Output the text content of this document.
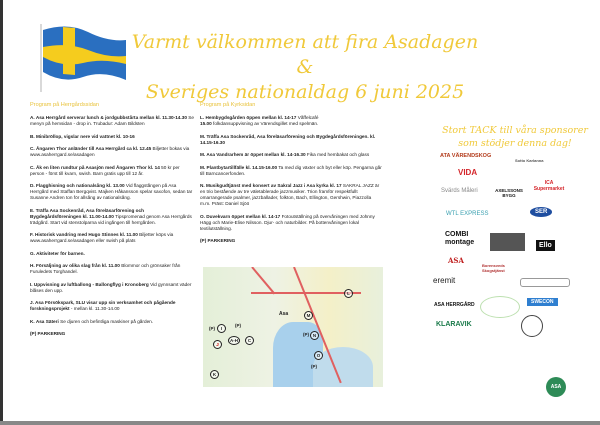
Varmt välkommen att fira Asadagen &
Sveriges nationaldag 6 juni 2025
Program på Herrgårdssidan
A. Asa Herrgård serverar lunch & jordgubbstårta mellan kl. 11.30-14.30 Se menyn på hemsidan - drop in. Trubadur: Adam Bildsten
B. Minibröllop, vigslar nere vid vattnet kl. 10-16
C. Ångaren Thor anländer till Asa Herrgård ca kl. 12.45 Biljetter bokas via www.asaherrgard.se/asadagen
C. Åk en liten rundtur på Asasjön med Ångaren Thor kl. 14 50 kr per person - först till kvarn, swish. Barn gratis upp till 12 år.
D. Flagghisning och nationalsång kl. 13.00 Vid flaggstången på Asa Herrgård med Staffan Bergqvist. Majken Håkansson spelar saxofon, sedan tar Susanne Andren ton för allsång av nationalsång.
E. Träffa Asa Sockenråd, Asa föreläsarförening och Bygdegårdsföreningen kl. 11.00-14.00 Tipspromenad genom Asa Herrgårds trädgård. Start vid stenstolparna vid ingången till herrgården.
F. Historisk vandring med Hugo Stinnes kl. 11.00 Biljetter köps via www.asaherrgard.se/asadagen eller swish på plats
G. Aktiviteter för barnen.
H. Försäljning av olika slag från kl. 11.00 Blommor och grönsaker från Furuledets Torghandel.
I. Uppvisning av luftballong - Ballongflyg i Kronoberg Vid gynnsamt väder blåses den upp.
J. Asa Försökspark, SLU visar upp sin verksamhet och pågående forskningsprojekt - mellan kl. 11.30-14.00
K. Asa Säteri Se djuren och befintliga maskiner på gården.
(P) PARKERING
Program på Kyrksidan
L. Hembygdsgården öppen mellan kl. 14-17 Våffelcafé
15.00 folkdansuppvisning av Värendsgillet med spelmän.
M. Träffa Asa Sockenråd, Asa föreläsarförening och Bygdegårdsföreningen. kl. 14.15-16.30
M. Asa Vandrarhem är öppet mellan kl. 14-16.30 Fika med hembakat och glass
M. Plantbytartillfälle kl. 14.15-16.00 Ta med dig växter och byt eller köp. Pengarna går till Barncancerfonden.
N. Musikgudtjänst med konsert av Sakral Jazz i Asa kyrka kl. 17 SAKRAL JAZZ är en trio bestående av tre väletablerade jazzmusiker. Trion framför respektfullt omarrangerade psalmer, jazzballader, folkton, Bach, Ellington, Gershwin, Piazzolla m.m. Präst: Daniel Sjöö
O. Duvekvarn öppet mellan kl. 14-17 Fotoutställning på övervåningen med Johnny Hägg och Marie-Elise Nilsson. Djur- och naturbilder. På bottenvåningen lokal textilutställning.
(P) PARKERING
Asa
L
M
N
O
I
J
A-H	C
K
(P)
(P)
(P)
(P)
Stort TACK till våra sponsorer som stödjer denna dag!
ATA VÄRENDSKOG
Sotto Karlanna
VIDA
Svärds Måleri	AXELSSONS BYGG
ICA Supermarket
WTL EXPRESS	SER
COMBI montage	Ello
ASA
Borensveds Skogstjänst
eremit
ASA HERRGÅRD	SWECON
KLARAVIK
ASA
